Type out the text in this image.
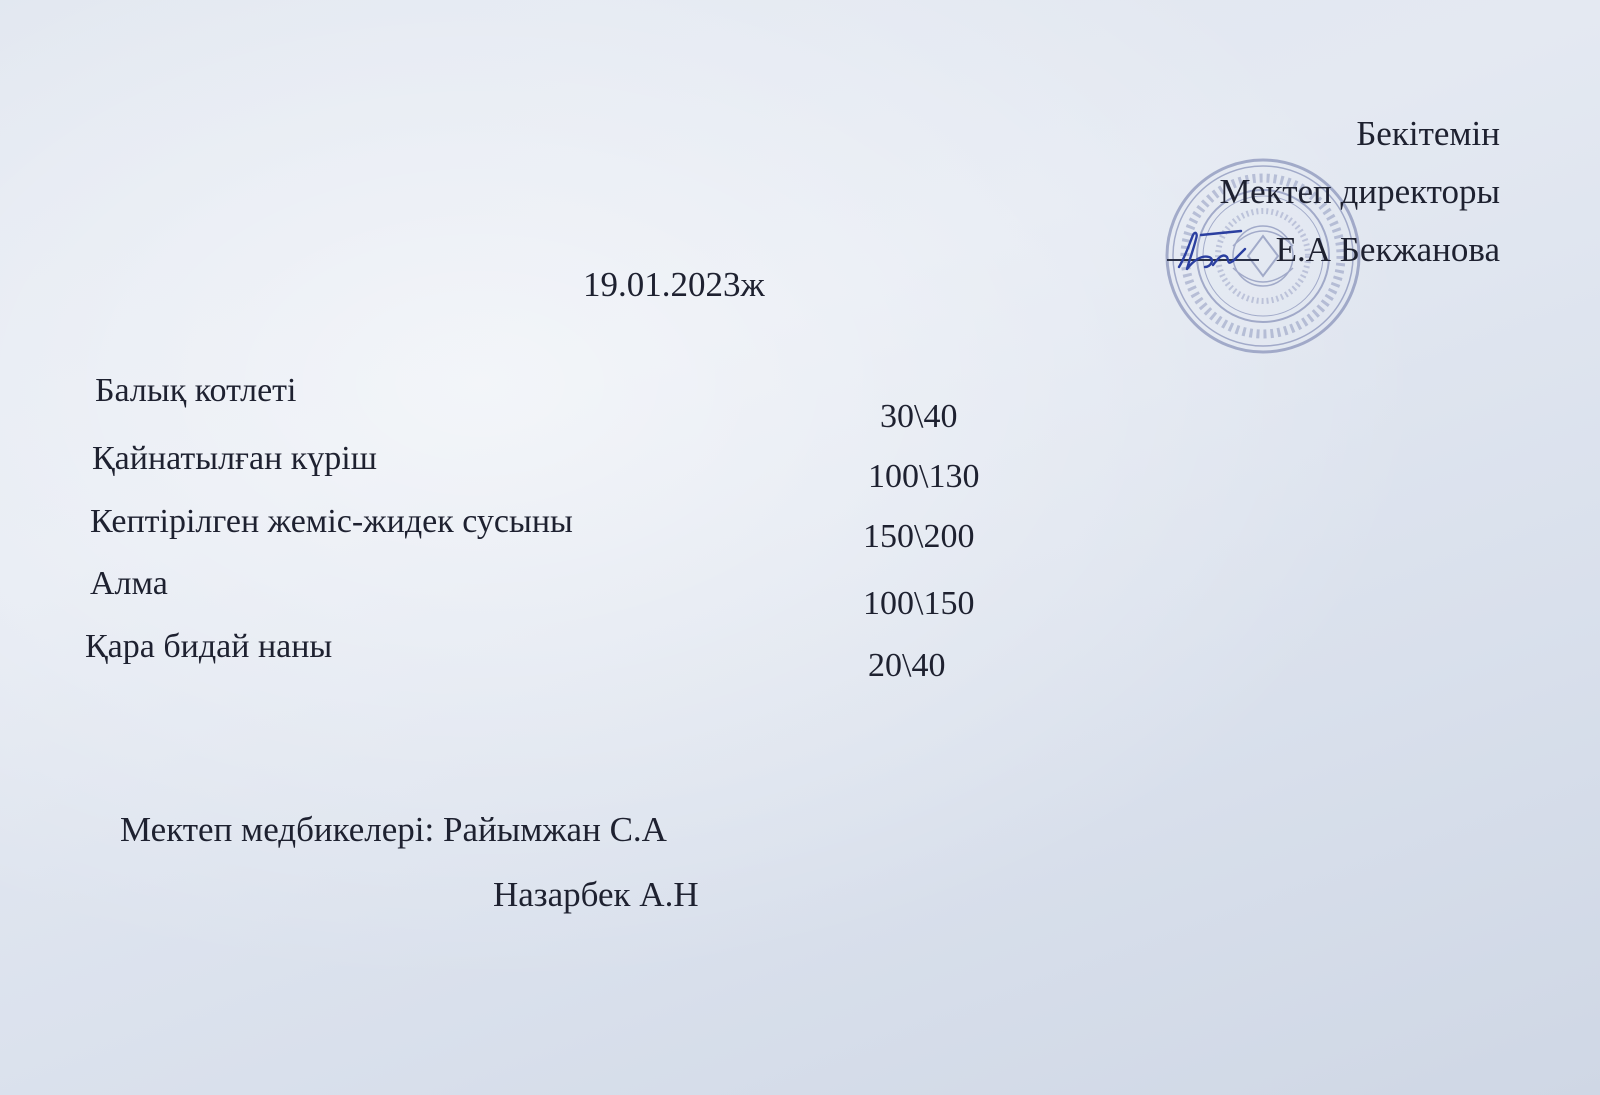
Бекітемін
Мектеп директоры

Е.А Бекжанова
19.01.2023ж
Балық котлеті
30\40
Қайнатылған күріш	100\130
Кептірілген жеміс-жидек сусыны	150\200
Алма
100\150
Қара бидай наны
20\40
Мектеп медбикелері: Райымжан С.А
Назарбек А.Н
